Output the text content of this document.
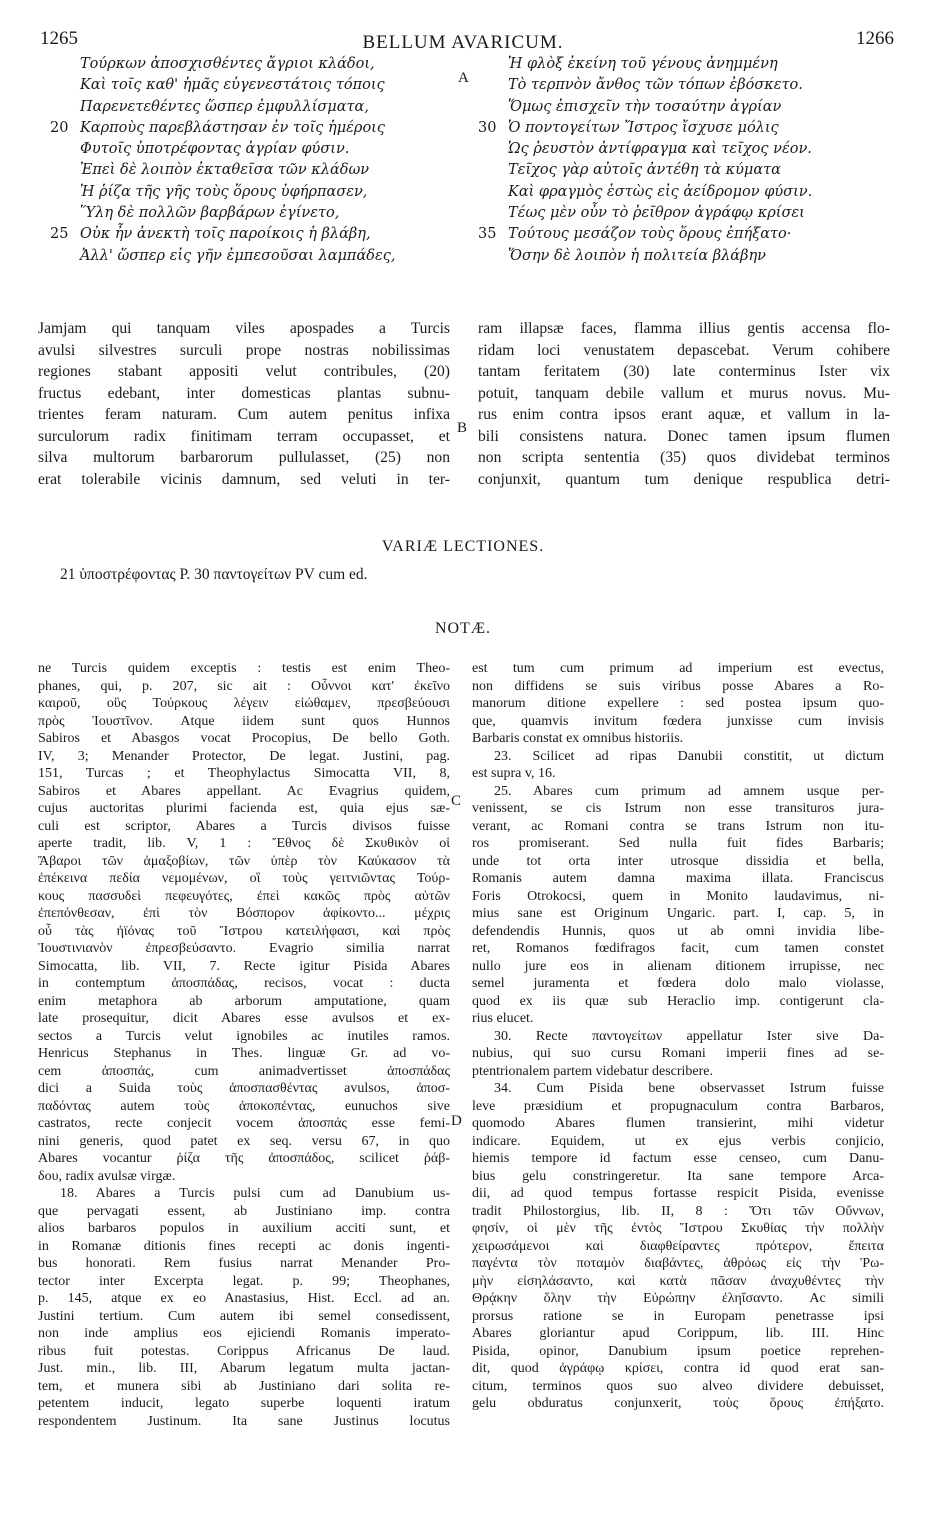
1265	BELLUM AVARICUM.	1266
Τούρκων ἀποσχισθέντες ἄγριοι κλάδοι,
Καὶ τοῖς καθ' ἡμᾶς εὐγενεστάτοις τόποις
Παρενετεθέντες ὥσπερ ἐμφυλλίσματα,
20 Καρποὺς παρεβλάστησαν ἐν τοῖς ἡμέροις
Φυτοῖς ὑποτρέφοντας ἀγρίαν φύσιν.
Ἐπεὶ δὲ λοιπὸν ἐκταθεῖσα τῶν κλάδων
Ἡ ῥίζα τῆς γῆς τοὺς ὅρους ὑφήρπασεν,
Ὕλη δὲ πολλῶν βαρβάρων ἐγίνετο,
25 Οὐκ ἦν ἀνεκτὴ τοῖς παροίκοις ἡ βλάβη,
Ἀλλ' ὥσπερ εἰς γῆν ἐμπεσοῦσαι λαμπάδες,
A
Ἡ φλὸξ ἐκείνη τοῦ γένους ἀνημμένη
Τὸ τερπνὸν ἄνθος τῶν τόπων ἐβόσκετο.
Ὅμως ἐπισχεῖν τὴν τοσαύτην ἀγρίαν
30 Ὁ ποντογείτων Ἴστρος ἴσχυσε μόλις
Ὡς ῥευστὸν ἀντίφραγμα καὶ τεῖχος νέον.
Τεῖχος γὰρ αὐτοῖς ἀντέθη τὰ κύματα
Καὶ φραγμὸς ἑστὼς εἰς ἀείδρομον φύσιν.
Τέως μὲν οὖν τὸ ῥεῖθρον ἀγράφῳ κρίσει
35 Τούτους μεσάζον τοὺς ὅρους ἐπήξατο·
Ὅσην δὲ λοιπὸν ἡ πολιτεία βλάβην
Jamjam qui tanquam viles apospades a Turcis
avulsi silvestres surculi prope nostras nobilissimas
regiones stabant appositi velut contribules, (20)
fructus edebant, inter domesticas plantas subnu-
trientes feram naturam. Cum autem penitus infixa
surculorum radix finitimam terram occupasset, et
silva multorum barbarorum pullulasset, (25) non
erat tolerabile vicinis damnum, sed veluti in ter-
B
ram illapsæ faces, flamma illius gentis accensa flo-
ridam loci venustatem depascebat. Verum cohibere
tantam feritatem (30) late conterminus Ister vix
potuit, tanquam debile vallum et murus novus. Mu-
rus enim contra ipsos erant aquæ, et vallum in la-
bili consistens natura. Donec tamen ipsum flumen
non scripta sententia (35) quos dividebat terminos
conjunxit, quantum tum denique respublica detri-
VARIÆ LECTIONES.
21 ὑποστρέφοντας P. 30 παντογείτων PV cum ed.
NOTÆ.
ne Turcis quidem exceptis : testis est enim Theo-
phanes, qui, p. 207, sic ait : Οὖννοι κατ' ἐκεῖνο
καιροῦ, οὓς Τούρκους λέγειν εἰώθαμεν, πρεσβεύουσι
πρὸς Ἰουστῖνον. Atque iidem sunt quos Hunnos
Sabiros et Abasgos vocat Procopius, De bello Goth.
IV, 3; Menander Protector, De legat. Justini, pag.
151, Turcas ; et Theophylactus Simocatta VII, 8,
Sabiros et Abares appellant. Ac Evagrius quidem,
cujus auctoritas plurimi facienda est, quia ejus sæ-
culi est scriptor, Abares a Turcis divisos fuisse
aperte tradit, lib. V, 1 : Ἔθνος δὲ Σκυθικὸν οἱ
Ἄβαροι τῶν ἁμαξοβίων, τῶν ὑπὲρ τὸν Καύκασον τὰ
ἐπέκεινα πεδία νεμομένων, οἳ τοὺς γειτνιῶντας Τούρ-
κους πασσυδεὶ πεφευγότες, ἐπεὶ κακῶς πρὸς αὐτῶν
ἐπεπόνθεσαν, ἐπὶ τὸν Βόσπορον ἀφίκοντο... μέχρις
οὗ τὰς ἠϊόνας τοῦ Ἴστρου κατειλήφασι, καὶ πρὸς
Ἰουστινιανὸν ἐπρεσβεύσαντο. Evagrio similia narrat
Simocatta, lib. VII, 7. Recte igitur Pisida Abares
in contemptum ἀποσπάδας, recisos, vocat : ducta
enim metaphora ab arborum amputatione, quam
late prosequitur, dicit Abares esse avulsos et ex-
sectos a Turcis velut ignobiles ac inutiles ramos.
Henricus Stephanus in Thes. linguæ Gr. ad vo-
cem ἀποσπάς, cum animadvertisset ἀποσπάδας
dici a Suida τοὺς ἀποσπασθέντας avulsos, ἀποσ-
παδόντας autem τοὺς ἀποκοπέντας, eunuchos sive
castratos, recte conjecit vocem ἀποσπάς esse femi-
nini generis, quod patet ex seq. versu 67, in quo
Abares vocantur ῥίζα τῆς ἀποσπάδος, scilicet ῥάβ-
δου, radix avulsæ virgæ.
18. Abares a Turcis pulsi cum ad Danubium us-
que pervagati essent, ab Justiniano imp. contra
alios barbaros populos in auxilium acciti sunt, et
in Romanæ ditionis fines recepti ac donis ingenti-
bus honorati. Rem fusius narrat Menander Pro-
tector inter Excerpta legat. p. 99; Theophanes,
p. 145, atque ex eo Anastasius, Hist. Eccl. ad an.
Justini tertium. Cum autem ibi semel consedissent,
non inde amplius eos ejiciendi Romanis imperato-
ribus fuit potestas. Corippus Africanus De laud.
Just. min., lib. III, Abarum legatum multa jactan-
tem, et munera sibi ab Justiniano dari solita re-
petentem inducit, legato superbe loquenti iratum
respondentem Justinum. Ita sane Justinus locutus
C
D
est tum cum primum ad imperium est evectus,
non diffidens se suis viribus posse Abares a Ro-
manorum ditione expellere : sed postea ipsum quo-
que, quamvis invitum fœdera junxisse cum invisis
Barbaris constat ex omnibus historiis.
23. Scilicet ad ripas Danubii constitit, ut dictum
est supra v, 16.
25. Abares cum primum ad amnem usque per-
venissent, se cis Istrum non esse transituros jura-
verant, ac Romani contra se trans Istrum non itu-
ros promiserant. Sed nulla fuit fides Barbaris;
unde tot orta inter utrosque dissidia et bella,
Romanis autem damna maxima illata. Franciscus
Foris Otrokocsi, quem in Monito laudavimus, ni-
mius sane est Originum Ungaric. part. I, cap. 5, in
defendendis Hunnis, quos ut ab omni invidia libe-
ret, Romanos fœdifragos facit, cum tamen constet
nullo jure eos in alienam ditionem irrupisse, nec
semel juramenta et fœdera dolo malo violasse,
quod ex iis quæ sub Heraclio imp. contigerunt cla-
rius elucet.
30. Recte παντογείτων appellatur Ister sive Da-
nubius, qui suo cursu Romani imperii fines ad se-
ptentrionalem partem videbatur describere.
34. Cum Pisida bene observasset Istrum fuisse
leve præsidium et propugnaculum contra Barbaros,
quomodo Abares flumen transierint, mihi videtur
indicare. Equidem, ut ex ejus verbis conjicio,
hiemis tempore id factum esse censeo, cum Danu-
bius gelu constringeretur. Ita sane tempore Arca-
dii, ad quod tempus fortasse respicit Pisida, evenisse
tradit Philostorgius, lib. II, 8 : Ὅτι τῶν Οὔννων,
φησίν, οἱ μὲν τῆς ἐντὸς Ἴστρου Σκυθίας τὴν πολλὴν
χειρωσάμενοι καὶ διαφθείραντες πρότερον, ἔπειτα
παγέντα τὸν ποταμὸν διαβάντες, ἀθρόως εἰς τὴν Ῥω-
μὴν εἰσηλάσαντο, καὶ κατὰ πᾶσαν ἀναχυθέντες τὴν
Θρᾴκην ὅλην τὴν Εὐρώπην ἐληΐσαντο. Ac simili
prorsus ratione se in Europam penetrasse ipsi
Abares gloriantur apud Corippum, lib. III. Hinc
Pisida, opinor, Danubium ipsum poetice reprehen-
dit, quod ἀγράφῳ κρίσει, contra id quod erat san-
citum, terminos quos suo alveo dividere debuisset,
gelu obduratus conjunxerit, τοὺς ὅρους ἐπήξατο.
